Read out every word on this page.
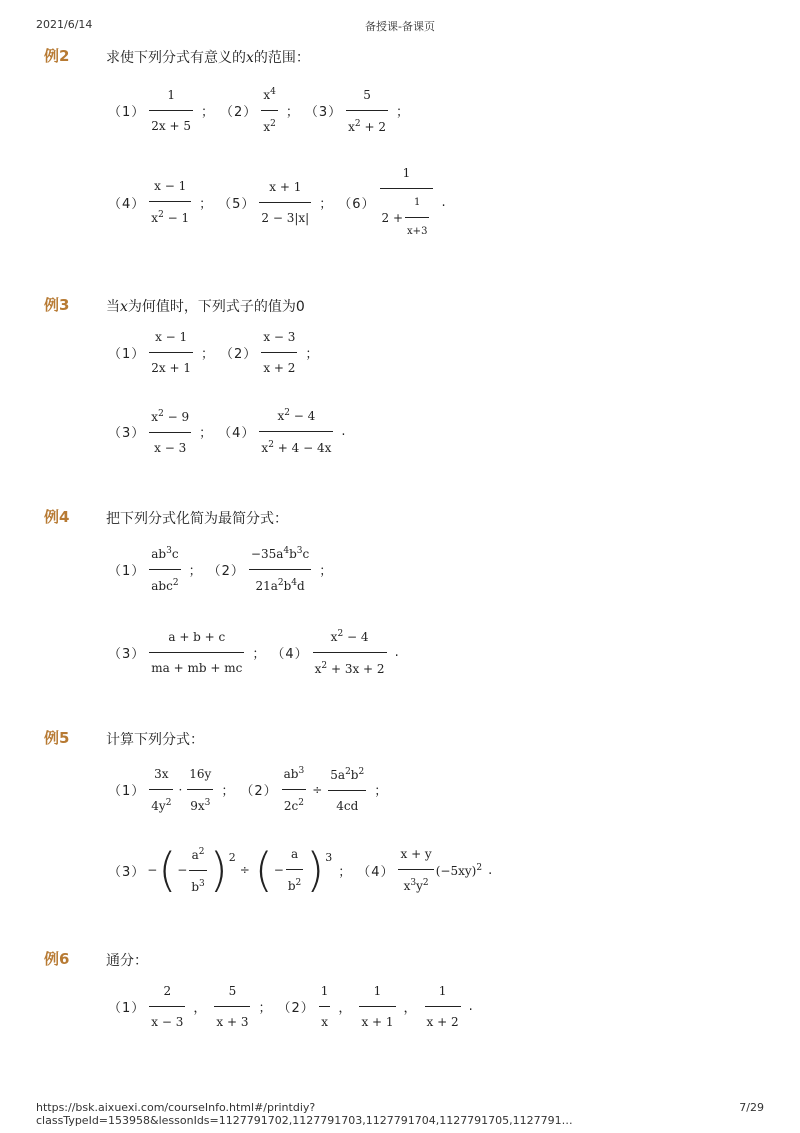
2021/6/14	备授课-备课页
例2	求使下列分式有意义的x的范围：
$(1) \frac{1}{2x + 5}$ ； $(2) \frac{x^4}{x^2}$ ； $(3) \frac{5}{x^2 + 2}$ ；
$(4) \frac{x - 1}{x^2 - 1}$ ； $(5) \frac{x + 1}{2 - 3|x|}$ ； $(6) \frac{1}{2 + \frac{1}{x+3}}$ .
例3	当x为何值时，下列式子的值为0
$(1) \frac{x - 1}{2x + 1}$ ； $(2) \frac{x - 3}{x + 2}$ ；
$(3) \frac{x^2 - 9}{x - 3}$ ； $(4) \frac{x^2 - 4}{x^2 + 4 - 4x}$ .
例4	把下列分式化简为最简分式：
$(1) \frac{ab^3c}{abc^2}$ ； $(2) \frac{-35a^4b^3c}{21a^2b^4d}$ ；
$(3) \frac{a + b + c}{ma + mb + mc}$ ； $(4) \frac{x^2 - 4}{x^2 + 3x + 2}$ .
例5	计算下列分式：
$(1) \frac{3x}{4y^2} \cdot \frac{16y}{9x^3}$ ； $(2) \frac{ab^3}{2c^2} \div \frac{5a^2b^2}{4cd}$ ；
（3） − ( − $\frac{a^2}{b^3}$ ) 2
÷ ( − $\frac{a}{b^2}$ ) 3
； $(4) \frac{x + y}{x^3y^2} (-5xy)^2$ .
例6	通分：
$(1) \frac{2}{x - 3}$ ， $\frac{5}{x + 3}$ ； $(2) \frac{1}{x}$ ， $\frac{1}{x + 1}$ ， $\frac{1}{x + 2}$ .
https://bsk.aixuexi.com/courseInfo.html#/printdiy?classTypeId=153958&lessonIds=1127791702,1127791703,1127791704,1127791705,1127791…
7/29
